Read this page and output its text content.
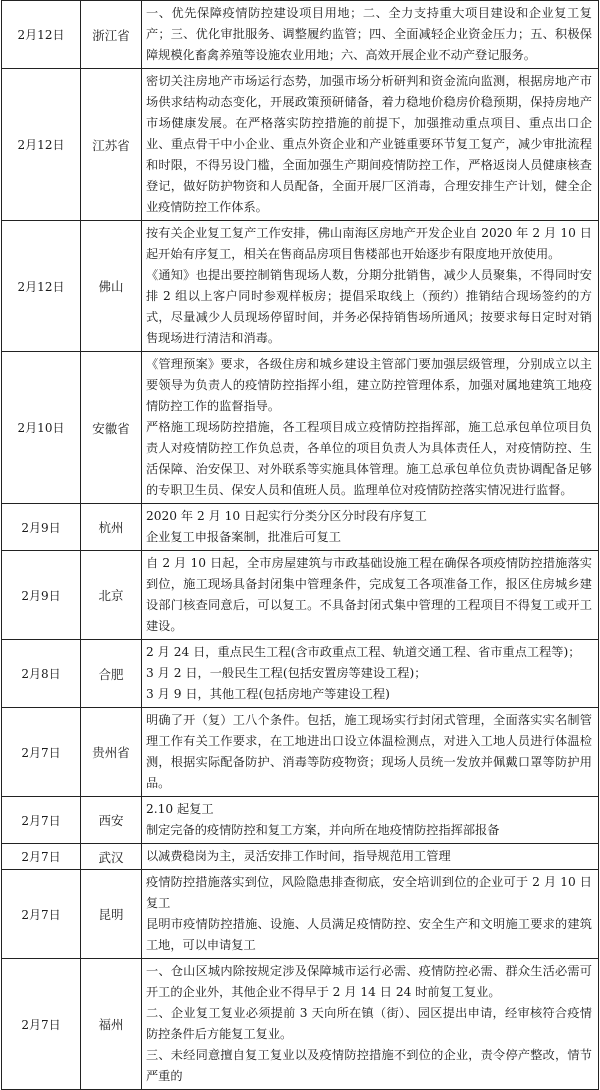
2月12日	浙江省	一、优先保障疫情防控建设项目用地；二、全力支持重大项目建设和企业复工复产；三、优化审批服务、调整履约监管；四、全面减轻企业资金压力；五、积极保障规模化畜禽养殖等设施农业用地；六、高效开展企业不动产登记服务。

2月12日	江苏省	密切关注房地产市场运行态势，加强市场分析研判和资金流向监测，根据房地产市场供求结构动态变化，开展政策预研储备，着力稳地价稳房价稳预期，保持房地产市场健康发展。在严格落实防控措施的前提下，加强推动重点项目、重点出口企业、重点骨干中小企业、重点外资企业和产业链重要环节复工复产，减少审批流程和时限，不得另设门槛，全面加强生产期间疫情防控工作，严格返岗人员健康核查登记，做好防护物资和人员配备，全面开展厂区消毒，合理安排生产计划，健全企业疫情防控工作体系。

2月12日	佛山	按有关企业复工复产工作安排，佛山南海区房地产开发企业自 2020 年 2 月 10 日起开始有序复工，相关在售商品房项目售楼部也开始逐步有限度地开放使用。
《通知》也提出要控制销售现场人数，分期分批销售，减少人员聚集，不得同时安排 2 组以上客户同时参观样板房；提倡采取线上（预约）推销结合现场签约的方式，尽量减少人员现场停留时间，并务必保持销售场所通风；按要求每日定时对销售现场进行清洁和消毒。

2月10日	安徽省	《管理预案》要求，各级住房和城乡建设主管部门要加强层级管理，分别成立以主要领导为负责人的疫情防控指挥小组，建立防控管理体系，加强对属地建筑工地疫情防控工作的监督指导。
严格施工现场防控措施，各工程项目成立疫情防控指挥部，施工总承包单位项目负责人对疫情防控工作负总责，各单位的项目负责人为具体责任人，对疫情防控、生活保障、治安保卫、对外联系等实施具体管理。施工总承包单位负责协调配备足够的专职卫生员、保安人员和值班人员。监理单位对疫情防控落实情况进行监督。

2月9日	杭州	2020 年 2 月 10 日起实行分类分区分时段有序复工
企业复工申报备案制，批准后可复工

2月9日	北京	自 2 月 10 日起，全市房屋建筑与市政基础设施工程在确保各项疫情防控措施落实到位，施工现场具备封闭集中管理条件，完成复工各项准备工作，报区住房城乡建设部门核查同意后，可以复工。不具备封闭式集中管理的工程项目不得复工或开工建设。

2月8日	合肥	2 月 24 日，重点民生工程(含市政重点工程、轨道交通工程、省市重点工程等)；
3 月 2 日，一般民生工程(包括安置房等建设工程)；
3 月 9 日，其他工程(包括房地产等建设工程)

2月7日	贵州省	明确了开（复）工八个条件。包括，施工现场实行封闭式管理，全面落实实名制管理工作有关工作要求，在工地进出口设立体温检测点，对进入工地人员进行体温检测，根据实际配备防护、消毒等防疫物资；现场人员统一发放并佩戴口罩等防护用品。

2月7日	西安	2.10 起复工
制定完备的疫情防控和复工方案，并向所在地疫情防控指挥部报备

2月7日	武汉	以减费稳岗为主，灵活安排工作时间，指导规范用工管理

2月7日	昆明	疫情防控措施落实到位，风险隐患排查彻底，安全培训到位的企业可于 2 月 10 日复工
昆明市疫情防控措施、设施、人员满足疫情防控、安全生产和文明施工要求的建筑工地，可以申请复工

2月7日	福州	一、仓山区城内除按规定涉及保障城市运行必需、疫情防控必需、群众生活必需可开工的企业外，其他企业不得早于 2 月 14 日 24 时前复工复业。
二、企业复工复业必须提前 3 天向所在镇（街）、园区提出申请，经审核符合疫情防控条件后方能复工复业。
三、未经同意擅自复工复业以及疫情防控措施不到位的企业，责令停产整改，情节严重的
